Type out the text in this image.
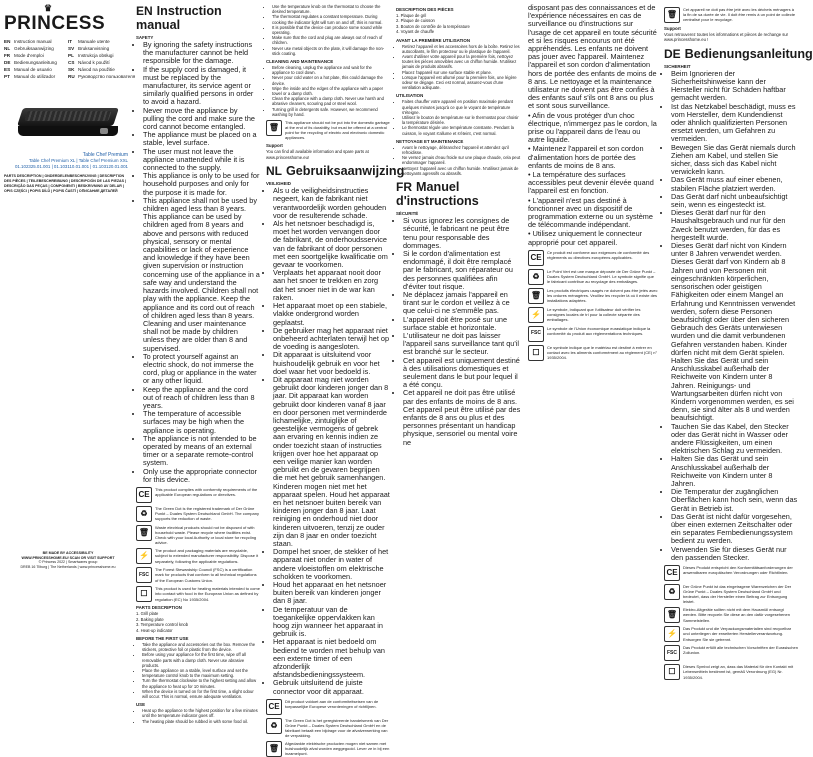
♛
PRINCESS
EN Instruction manual	IT Manuale utente
NL Gebruiksaanwijzing	SV Bruksanvisning
FR Mode d'emploi	PL Instrukcja obsługi
DE Bedienungsanleitung	CS Návod k použití
ES Manual de usuario	SK Návod na použitie
PT Manual do utilizador	RU Руководство пользователя
Table Chef Premium
Table Chef Premium XL | Table Chef Premium XXL
01.102325.01.001 | 01.103110.01.001 | 01.103120.01.001
PARTS DESCRIPTION | ONDERDELENBESCHRIJVING | DESCRIPTION DES PIÈCES | TEILEBESCHREIBUNG | DESCRIPCIÓN DE LAS PIEZAS | DESCRIÇÃO DAS PEÇAS | COMPONENTI | BESKRIVNING AV DELAR | OPIS CZĘŚCI | POPIS DÍLŮ | POPIS ČASTÍ | ОПИСАНИЕ ДЕТАЛЕЙ
BE MADE BY ACCESSIBILITY
WWW.PRINCESSHOME.EU/ SCAN OR VISIT SUPPORT
© Princess 2022 | Smartwares group
DREB 16 Tilburg | The Netherlands | www.princesshome.eu
EN Instruction manual
SAFETY
• By ignoring the safety instructions the manufacturer cannot be held responsible for the damage.
• If the supply cord is damaged, it must be replaced by the manufacturer, its service agent or similarly qualified persons in order to avoid a hazard.
• Never move the appliance by pulling the cord and make sure the cord cannot become entangled.
• The appliance must be placed on a stable, level surface.
• The user must not leave the appliance unattended while it is connected to the supply.
• This appliance is only to be used for household purposes and only for the purpose it is made for.
• This appliance shall not be used by children aged less than 8 years. This appliance can be used by children aged from 8 years and above and persons with reduced physical, sensory or mental capabilities or lack of experience and knowledge if they have been given supervision or instruction concerning use of the appliance in a safe way and understand the hazards involved. Children shall not play with the appliance. Keep the appliance and its cord out of reach of children aged less than 8 years. Cleaning and user maintenance shall not be made by children unless they are older than 8 and supervised.
• To protect yourself against an electric shock, do not immerse the cord, plug or appliance in the water or any other liquid.
• Keep the appliance and the cord out of reach of children less than 8 years.
• The temperature of accessible surfaces may be high when the appliance is operating.
• The appliance is not intended to be operated by means of an external timer or a separate remote-control system.
• Only use the appropriate connector for this device.
CE
This product complies with conformity requirements of the applicable European regulations or directives.
♻
The Green Dot is the registered trademark of Der Grüne Punkt – Duales System Deutschland GmbH. The company supports the reduction of waste.
🗑
Waste electrical products should not be disposed of with household waste. Please recycle where facilities exist. Check with your local Authority or local store for recycling advice.
⚡
The product and packaging materials are recyclable, subject to extended manufacturer responsibility. Dispose it separately, following the applicable regulations.
FSC
The Forest Stewardship Council (FSC) is a certification mark for products that conform to all technical regulations of the European Customs Union.
☐
This product is used for heating materials intended to come into contact with food in the European Union as defined by regulation (EC) No 1935/2004.
PARTS DESCRIPTION
1. Grill plate
2. Baking plate
3. Temperature control knob
4. Heat-up indicator
BEFORE THE FIRST USE
• Take the appliance and accessories out the box. Remove the stickers, protective foil or plastic from the device.
• Before using your appliance for the first time, wipe off all removable parts with a damp cloth. Never use abrasive products.
• Place the appliance on a stable, level surface and set the temperature control knob to the maximum setting.
• Turn the thermostat clockwise to the highest setting and allow the appliance to heat up for 10 minutes.
• When the device is turned on for the first time, a slight odour will occur. This is normal, ensure adequate ventilation.
USE
• Heat up the appliance to the highest position for a few minutes until the temperature indicator goes off.
• The heating plate should be rubbed in with some food oil.
• Use the temperature knob on the thermostat to choose the desired temperature.
• The thermostat regulates a constant temperature. During cooking the indicator light will turn on and off, this is normal.
• It is possible that the device can produce some sound while operating.
• Make sure that the cord and plug are always out of reach of children.
• Never use metal objects on the plate, it will damage the non-stick coating.
CLEANING AND MAINTENANCE
• Before cleaning, unplug the appliance and wait for the appliance to cool down.
• Never pour cold water on a hot plate, this could damage the device.
• Wipe the inside and the edges of the appliance with a paper towel or a damp cloth.
• Clean the appliance with a damp cloth. Never use harsh and abrasive cleaners, scouring pad or steel wool.
• Turning grill in detergents safe. However, we recommend washing by hand.
🗑
This appliance should not be put into the domestic garbage at the end of its durability, but must be offered at a central point for the recycling of electric and electronic domestic appliances.
Support
You can find all available information and spare parts at www.princesshome.eu!
NL Gebruiksaanwijzing
VEILIGHEID
• Als u de veiligheidsinstructies negeert, kan de fabrikant niet verantwoordelijk worden gehouden voor de resulterende schade.
• Als het netsnoer beschadigd is, moet het worden vervangen door de fabrikant, de onderhoudsservice van de fabrikant of door personen met een soortgelijke kwalificatie om gevaar te voorkomen.
• Verplaats het apparaat nooit door aan het snoer te trekken en zorg dat het snoer niet in de war kan raken.
• Het apparaat moet op een stabiele, vlakke ondergrond worden geplaatst.
• De gebruiker mag het apparaat niet onbeheerd achterlaten terwijl het op de voeding is aangesloten.
• Dit apparaat is uitsluitend voor huishoudelijk gebruik en voor het doel waar het voor bedoeld is.
• Dit apparaat mag niet worden gebruikt door kinderen jonger dan 8 jaar. Dit apparaat kan worden gebruikt door kinderen vanaf 8 jaar en door personen met verminderde lichamelijke, zintuiglijke of geestelijke vermogens of gebrek aan ervaring en kennis indien ze onder toezicht staan of instructies krijgen over hoe het apparaat op een veilige manier kan worden gebruikt en de gevaren begrijpen die met het gebruik samenhangen. Kinderen mogen niet met het apparaat spelen. Houd het apparaat en het netsnoer buiten bereik van kinderen jonger dan 8 jaar. Laat reiniging en onderhoud niet door kinderen uitvoeren, tenzij ze ouder zijn dan 8 jaar en onder toezicht staan.
• Dompel het snoer, de stekker of het apparaat niet onder in water of andere vloeistoffen om elektrische schokken te voorkomen.
• Houd het apparaat en het netsnoer buiten bereik van kinderen jonger dan 8 jaar.
• De temperatuur van de toegankelijke oppervlakken kan hoog zijn wanneer het apparaat in gebruik is.
• Het apparaat is niet bedoeld om bediend te worden met behulp van een externe timer of een afzonderlijk afstandsbedieningssysteem.
• Gebruik uitsluitend de juiste connector voor dit apparaat.
CE
Dit product voldoet aan de conformiteitseisen van de toepasselijke Europese verordeningen of richtlijnen.
♻
The Green Dot is het geregistreerde handelsmerk van Der Grüne Punkt – Duales System Deutschland GmbH en de fabrikant betaalt een bijdrage voor de afvalverwerking van de verpakking.
🗑
Afgedankte elektrische producten mogen niet samen met huishoudelijk afval worden weggegooid. Lever ze in bij een inzamelpunt.
DESCRIPTION DES PIÈCES
1. Plaque de gril
2. Plaque de cuisson
3. Bouton de contrôle de la température
4. Voyant de chauffe
AVANT LA PREMIÈRE UTILISATION
• Retirez l'appareil et les accessoires hors de la boîte. Retirez les autocollants, le film protecteur ou le plastique de l'appareil.
• Avant d'utiliser votre appareil pour la première fois, nettoyez toutes les pièces amovibles avec un chiffon humide. N'utilisez jamais de produits abrasifs.
• Placez l'appareil sur une surface stable et plane.
• Lorsque l'appareil est allumé pour la première fois, une légère odeur se dégage. Ceci est normal, assurez-vous d'une ventilation adéquate.
UTILISATION
• Faites chauffer votre appareil en position maximale pendant quelques minutes jusqu'à ce que le voyant de température s'éteigne.
• Utilisez le bouton de température sur le thermostat pour choisir la température désirée.
• Le thermostat régule une température constante. Pendant la cuisson, le voyant s'allume et s'éteint, c'est normal.
NETTOYAGE ET MAINTENANCE
• Avant le nettoyage, débranchez l'appareil et attendez qu'il refroidisse.
• Ne versez jamais d'eau froide sur une plaque chaude, cela peut endommager l'appareil.
• Nettoyez l'appareil avec un chiffon humide. N'utilisez jamais de nettoyants agressifs ou abrasifs.
FR Manuel d'instructions
SÉCURITÉ
• Si vous ignorez les consignes de sécurité, le fabricant ne peut être tenu pour responsable des dommages.
• Si le cordon d'alimentation est endommagé, il doit être remplacé par le fabricant, son réparateur ou des personnes qualifiées afin d'éviter tout risque.
• Ne déplacez jamais l'appareil en tirant sur le cordon et veillez à ce que celui-ci ne s'emmêle pas.
• L'appareil doit être posé sur une surface stable et horizontale.
• L'utilisateur ne doit pas laisser l'appareil sans surveillance tant qu'il est branché sur le secteur.
• Cet appareil est uniquement destiné à des utilisations domestiques et seulement dans le but pour lequel il a été conçu.
• Cet appareil ne doit pas être utilisé par des enfants de moins de 8 ans. Cet appareil peut être utilisé par des enfants de 8 ans ou plus et des personnes présentant un handicap physique, sensoriel ou mental voire ne
disposant pas des connaissances et de l'expérience nécessaires en cas de surveillance ou d'instructions sur l'usage de cet appareil en toute sécurité et si les risques encourus ont été appréhendés. Les enfants ne doivent pas jouer avec l'appareil. Maintenez l'appareil et son cordon d'alimentation hors de portée des enfants de moins de 8 ans. Le nettoyage et la maintenance utilisateur ne doivent pas être confiés à des enfants sauf s'ils ont 8 ans ou plus et sont sous surveillance.
• Afin de vous protéger d'un choc électrique, n'immergez pas le cordon, la prise ou l'appareil dans de l'eau ou autre liquide.
• Maintenez l'appareil et son cordon d'alimentation hors de portée des enfants de moins de 8 ans.
• La température des surfaces accessibles peut devenir élevée quand l'appareil est en fonction.
• L'appareil n'est pas destiné à fonctionner avec un dispositif de programmation externe ou un système de télécommande indépendant.
• Utilisez uniquement le connecteur approprié pour cet appareil.
CE
Ce produit est conforme aux exigences de conformité des règlements ou directives européens applicables.
♻
Le Point Vert est une marque déposée de Der Grüne Punkt – Duales System Deutschland GmbH. Le symbole signifie que le fabricant contribue au recyclage des emballages.
🗑
Les produits électriques usagés ne doivent pas être jetés avec les ordures ménagères. Veuillez les recycler là où il existe des installations adaptées.
⚡
Le symbole, indiquant que l'utilisateur doit vérifier les consignes locales de tri pour la collecte séparée des emballages.
FSC
Le symbole de l'Union économique eurasiatique indique la conformité du produit aux réglementations techniques.
☐
Ce symbole indique que le matériau est destiné à entrer en contact avec les aliments conformément au règlement (CE) n° 1935/2004.
🗑
Cet appareil ne doit pas être jeté avec les déchets ménagers à la fin de sa durée de vie. Il doit être remis à un point de collecte centralisé pour le recyclage.
Support
Vous retrouverez toutes les informations et pièces de rechange sur www.princesshome.eu !
DE Bedienungsanleitung
SICHERHEIT
• Beim Ignorieren der Sicherheitshinweise kann der Hersteller nicht für Schäden haftbar gemacht werden.
• Ist das Netzkabel beschädigt, muss es vom Hersteller, dem Kundendienst oder ähnlich qualifizierten Personen ersetzt werden, um Gefahren zu vermeiden.
• Bewegen Sie das Gerät niemals durch Ziehen am Kabel, und stellen Sie sicher, dass sich das Kabel nicht verwickeln kann.
• Das Gerät muss auf einer ebenen, stabilen Fläche platziert werden.
• Das Gerät darf nicht unbeaufsichtigt sein, wenn es eingesteckt ist.
• Dieses Gerät darf nur für den Haushaltsgebrauch und nur für den Zweck benutzt werden, für das es hergestellt wurde.
• Dieses Gerät darf nicht von Kindern unter 8 Jahren verwendet werden. Dieses Gerät darf von Kindern ab 8 Jahren und von Personen mit eingeschränkten körperlichen, sensorischen oder geistigen Fähigkeiten oder einem Mangel an Erfahrung und Kenntnissen verwendet werden, sofern diese Personen beaufsichtigt oder über den sicheren Gebrauch des Geräts unterwiesen wurden und die damit verbundenen Gefahren verstanden haben. Kinder dürfen nicht mit dem Gerät spielen. Halten Sie das Gerät und sein Anschlusskabel außerhalb der Reichweite von Kindern unter 8 Jahren. Reinigungs- und Wartungsarbeiten dürfen nicht von Kindern vorgenommen werden, es sei denn, sie sind älter als 8 und werden beaufsichtigt.
• Tauchen Sie das Kabel, den Stecker oder das Gerät nicht in Wasser oder andere Flüssigkeiten, um einen elektrischen Schlag zu vermeiden.
• Halten Sie das Gerät und sein Anschlusskabel außerhalb der Reichweite von Kindern unter 8 Jahren.
• Die Temperatur der zugänglichen Oberflächen kann hoch sein, wenn das Gerät in Betrieb ist.
• Das Gerät ist nicht dafür vorgesehen, über einen externen Zeitschalter oder ein separates Fernbedienungssystem bedient zu werden.
• Verwenden Sie für dieses Gerät nur den passenden Stecker.
CE
Dieses Produkt entspricht den Konformitätsanforderungen der anwendbaren europäischen Verordnungen oder Richtlinien.
♻
Der Grüne Punkt ist das eingetragene Warenzeichen der Der Grüne Punkt – Duales System Deutschland GmbH und bedeutet, dass der Hersteller einen Beitrag zur Entsorgung leistet.
🗑
Elektro-Altgeräte sollten nicht mit dem Hausmüll entsorgt werden. Bitte recyceln Sie diese an den dafür vorgesehenen Sammelstellen.
⚡
Das Produkt und die Verpackungsmaterialien sind recycelbar und unterliegen der erweiterten Herstellerverantwortung. Entsorgen Sie sie getrennt.
FSC
Das Produkt erfüllt alle technischen Vorschriften der Eurasischen Zollunion.
☐
Dieses Symbol zeigt an, dass das Material für den Kontakt mit Lebensmitteln bestimmt ist, gemäß Verordnung (EG) Nr. 1935/2004.
